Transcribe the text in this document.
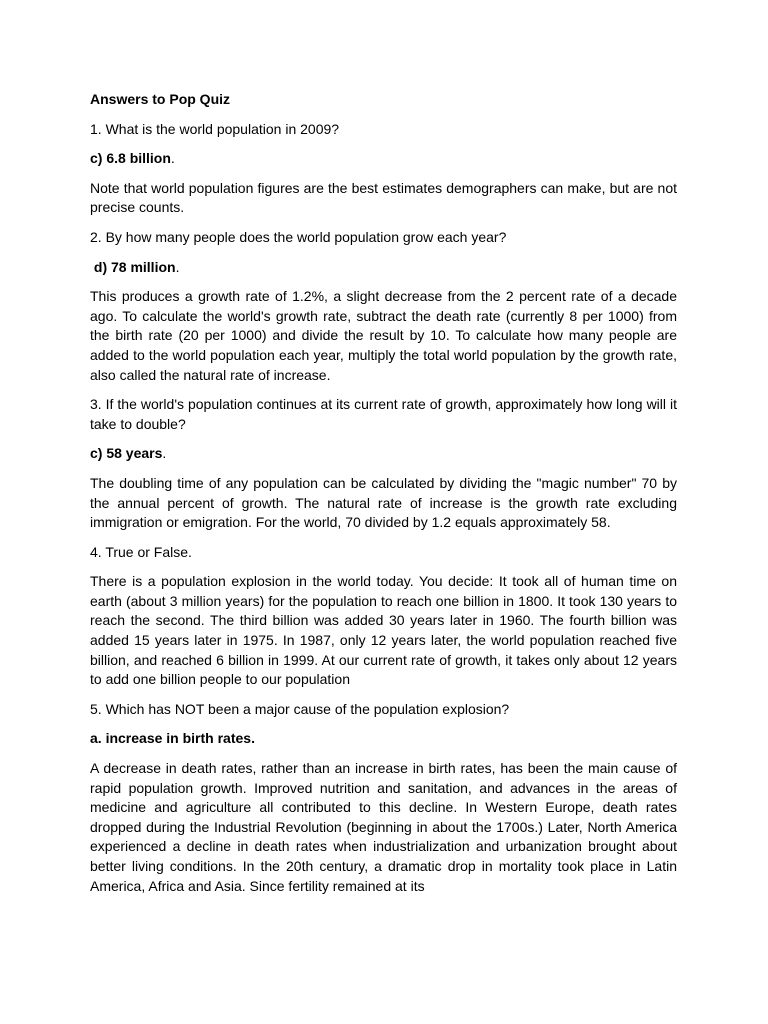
Answers to Pop Quiz

1. What is the world population in 2009?

c) 6.8 billion.

Note that world population figures are the best estimates demographers can make, but are not precise counts.

2. By how many people does the world population grow each year?

d) 78 million.

This produces a growth rate of 1.2%, a slight decrease from the 2 percent rate of a decade ago. To calculate the world's growth rate, subtract the death rate (currently 8 per 1000) from the birth rate (20 per 1000) and divide the result by 10. To calculate how many people are added to the world population each year, multiply the total world population by the growth rate, also called the natural rate of increase.

3. If the world's population continues at its current rate of growth, approximately how long will it take to double?

c) 58 years.

The doubling time of any population can be calculated by dividing the "magic number" 70 by the annual percent of growth. The natural rate of increase is the growth rate excluding immigration or emigration. For the world, 70 divided by 1.2 equals approximately 58.

4. True or False.

There is a population explosion in the world today. You decide: It took all of human time on earth (about 3 million years) for the population to reach one billion in 1800. It took 130 years to reach the second. The third billion was added 30 years later in 1960. The fourth billion was added 15 years later in 1975. In 1987, only 12 years later, the world population reached five billion, and reached 6 billion in 1999. At our current rate of growth, it takes only about 12 years to add one billion people to our population

5. Which has NOT been a major cause of the population explosion?

a. increase in birth rates.

A decrease in death rates, rather than an increase in birth rates, has been the main cause of rapid population growth. Improved nutrition and sanitation, and advances in the areas of medicine and agriculture all contributed to this decline. In Western Europe, death rates dropped during the Industrial Revolution (beginning in about the 1700s.) Later, North America experienced a decline in death rates when industrialization and urbanization brought about better living conditions. In the 20th century, a dramatic drop in mortality took place in Latin America, Africa and Asia. Since fertility remained at its
